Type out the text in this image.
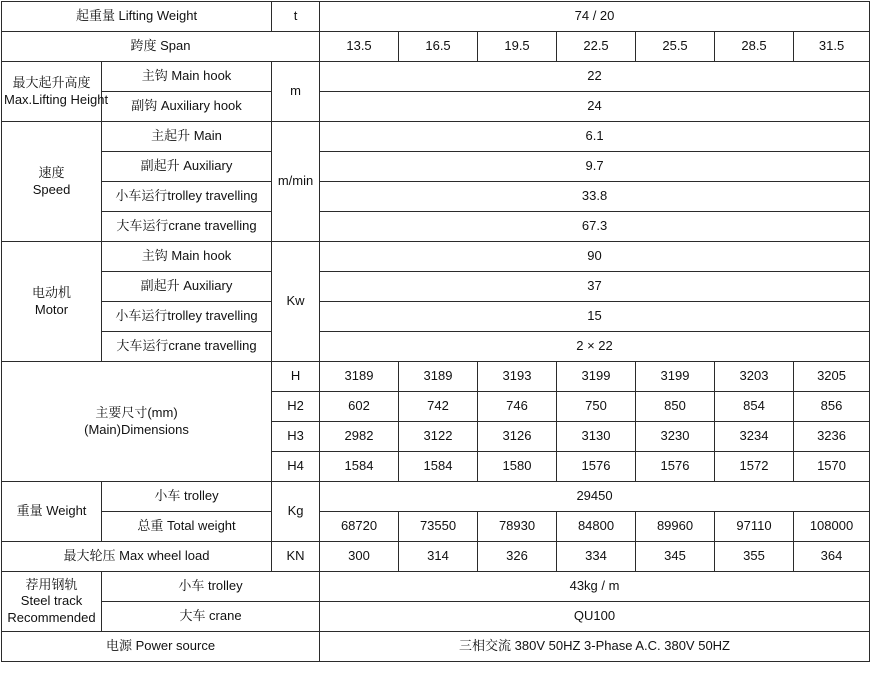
起重量 Lifting Weight		t	74 / 20						
跨度 Span			13.5	16.5	19.5	22.5	25.5	28.5	31.5

最大起升高度
Max.Lifting Height	主钩 Main hook	m	22						
	副钩 Auxiliary hook		24						

速度
Speed	主起升 Main	m/min	6.1						
	副起升 Auxiliary		9.7						
	小车运行trolley travelling		33.8						
	大车运行crane travelling		67.3						

电动机
Motor	主钩 Main hook	Kw	90						
	副起升 Auxiliary		37						
	小车运行trolley travelling		15						
	大车运行crane travelling		2 × 22						

主要尺寸(mm)
(Main)Dimensions		H	3189	3189	3193	3199	3199	3203	3205
		H2	602	742	746	750	850	854	856
		H3	2982	3122	3126	3130	3230	3234	3236
		H4	1584	1584	1580	1576	1576	1572	1570
重量 Weight	小车 trolley	Kg	29450						
	总重 Total weight		68720	73550	78930	84800	89960	97110	108000
最大轮压 Max wheel load		KN	300	314	326	334	345	355	364

荐用钢轨
Steel track
Recommended	小车 trolley		43kg / m						
	大车 crane		QU100						
电源 Power source			三相交流 380V 50HZ 3-Phase A.C. 380V 50HZ						
